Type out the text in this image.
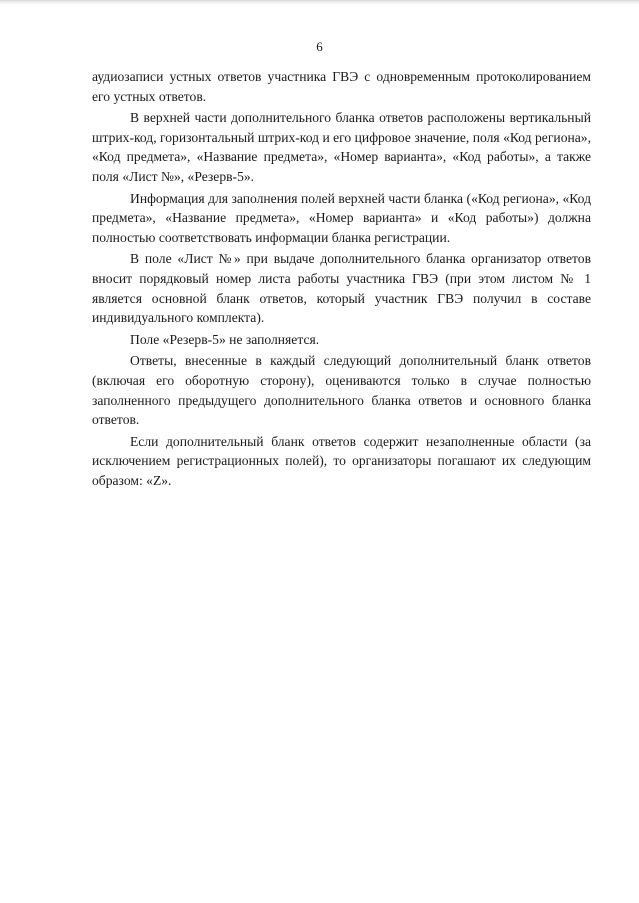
6

аудиозаписи устных ответов участника ГВЭ с одновременным протоколированием его устных ответов.

В верхней части дополнительного бланка ответов расположены вертикальный штрих-код, горизонтальный штрих-код и его цифровое значение, поля «Код региона», «Код предмета», «Название предмета», «Номер варианта», «Код работы», а также поля «Лист №», «Резерв-5».

Информация для заполнения полей верхней части бланка («Код региона», «Код предмета», «Название предмета», «Номер варианта» и «Код работы») должна полностью соответствовать информации бланка регистрации.

В поле «Лист №» при выдаче дополнительного бланка организатор ответов вносит порядковый номер листа работы участника ГВЭ (при этом листом № 1 является основной бланк ответов, который участник ГВЭ получил в составе индивидуального комплекта).

Поле «Резерв-5» не заполняется.

Ответы, внесенные в каждый следующий дополнительный бланк ответов (включая его оборотную сторону), оцениваются только в случае полностью заполненного предыдущего дополнительного бланка ответов и основного бланка ответов.

Если дополнительный бланк ответов содержит незаполненные области (за исключением регистрационных полей), то организаторы погашают их следующим образом: «Z».
